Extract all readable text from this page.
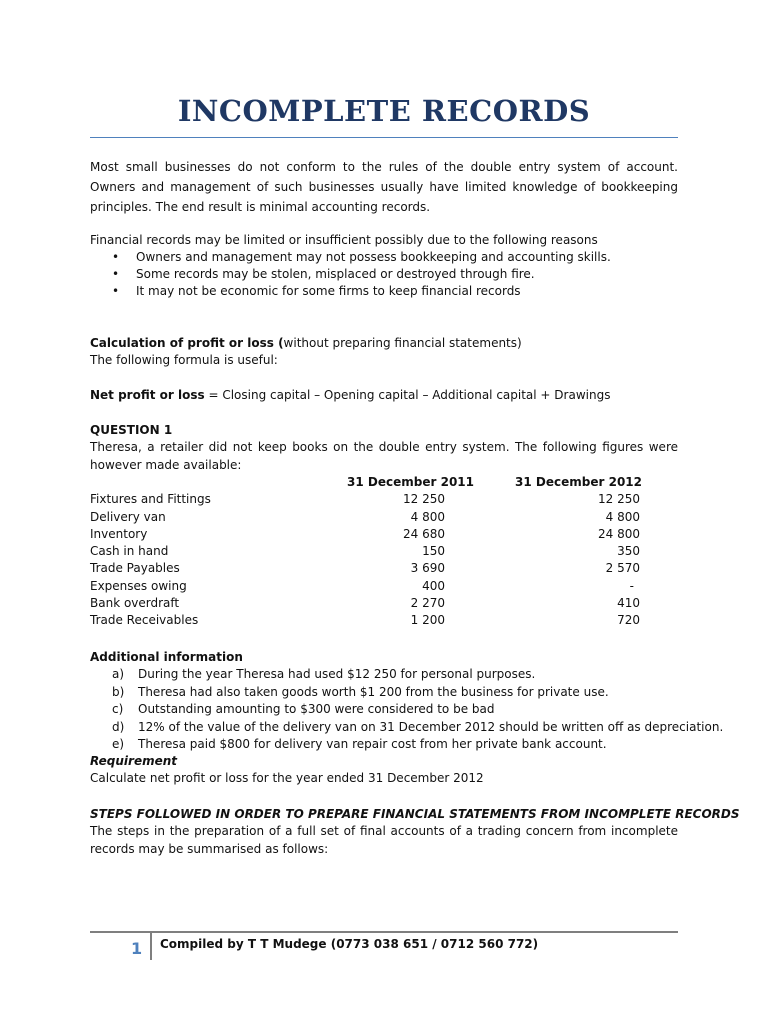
INCOMPLETE RECORDS

Most small businesses do not conform to the rules of the double entry system of account. Owners and management of such businesses usually have limited knowledge of bookkeeping principles. The end result is minimal accounting records.

Financial records may be limited or insufficient possibly due to the following reasons

• Owners and management may not possess bookkeeping and accounting skills.
• Some records may be stolen, misplaced or destroyed through fire.
• It may not be economic for some firms to keep financial records

Calculation of profit or loss (without preparing financial statements)

The following formula is useful:

Net profit or loss = Closing capital – Opening capital – Additional capital + Drawings

QUESTION 1

Theresa, a retailer did not keep books on the double entry system. The following figures were however made available:

	31 December 2011	31 December 2012
Fixtures and Fittings	12 250	12 250
Delivery van	4 800	4 800
Inventory	24 680	24 800
Cash in hand	150	350
Trade Payables	3 690	2 570
Expenses owing	400	-
Bank overdraft	2 270	410
Trade Receivables	1 200	720

Additional information

a) During the year Theresa had used $12 250 for personal purposes.
b) Theresa had also taken goods worth $1 200 from the business for private use.
c) Outstanding amounting to $300 were considered to be bad
d) 12% of the value of the delivery van on 31 December 2012 should be written off as depreciation.
e) Theresa paid $800 for delivery van repair cost from her private bank account.

Requirement

Calculate net profit or loss for the year ended 31 December 2012

STEPS FOLLOWED IN ORDER TO PREPARE FINANCIAL STATEMENTS FROM INCOMPLETE RECORDS

The steps in the preparation of a full set of final accounts of a trading concern from incomplete records may be summarised as follows:

1 Compiled by T T Mudege (0773 038 651 / 0712 560 772)
